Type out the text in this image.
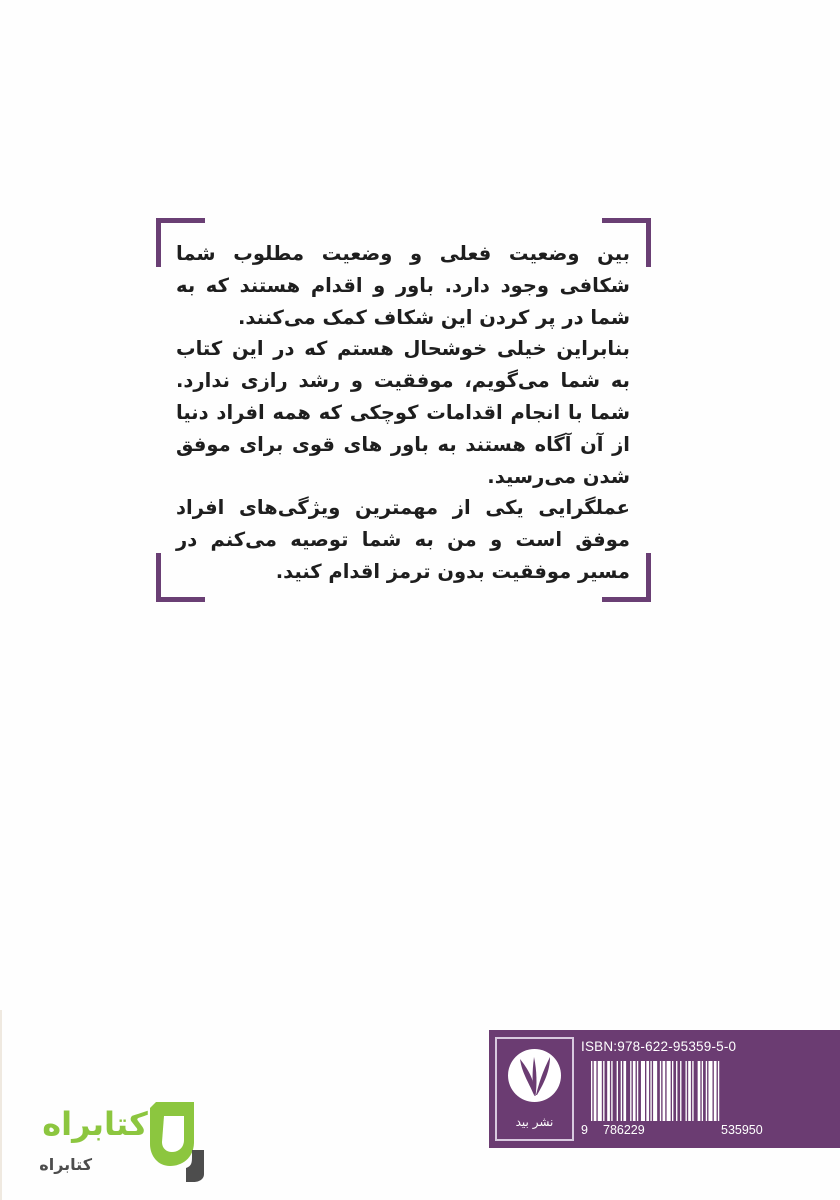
بین وضعیت فعلی و وضعیت مطلوب شما شکافی وجود دارد. باور و اقدام هستند که به شما در پر کردن این شکاف کمک می‌کنند.

بنابراین خیلی خوشحال هستم که در این کتاب به شما می‌گویم، موفقیت و رشد رازی ندارد. شما با انجام اقدامات کوچکی که همه افراد دنیا از آن آگاه هستند به باور های قوی برای موفق شدن می‌رسید.

عملگرایی یکی از مهمترین ویژگی‌های افراد موفق است و من به شما توصیه می‌کنم در مسیر موفقیت بدون ترمز اقدام کنید.

نشر بید
ISBN:978-622-95359-5-0
9 786229	535950
کتابراه
کتابراه
